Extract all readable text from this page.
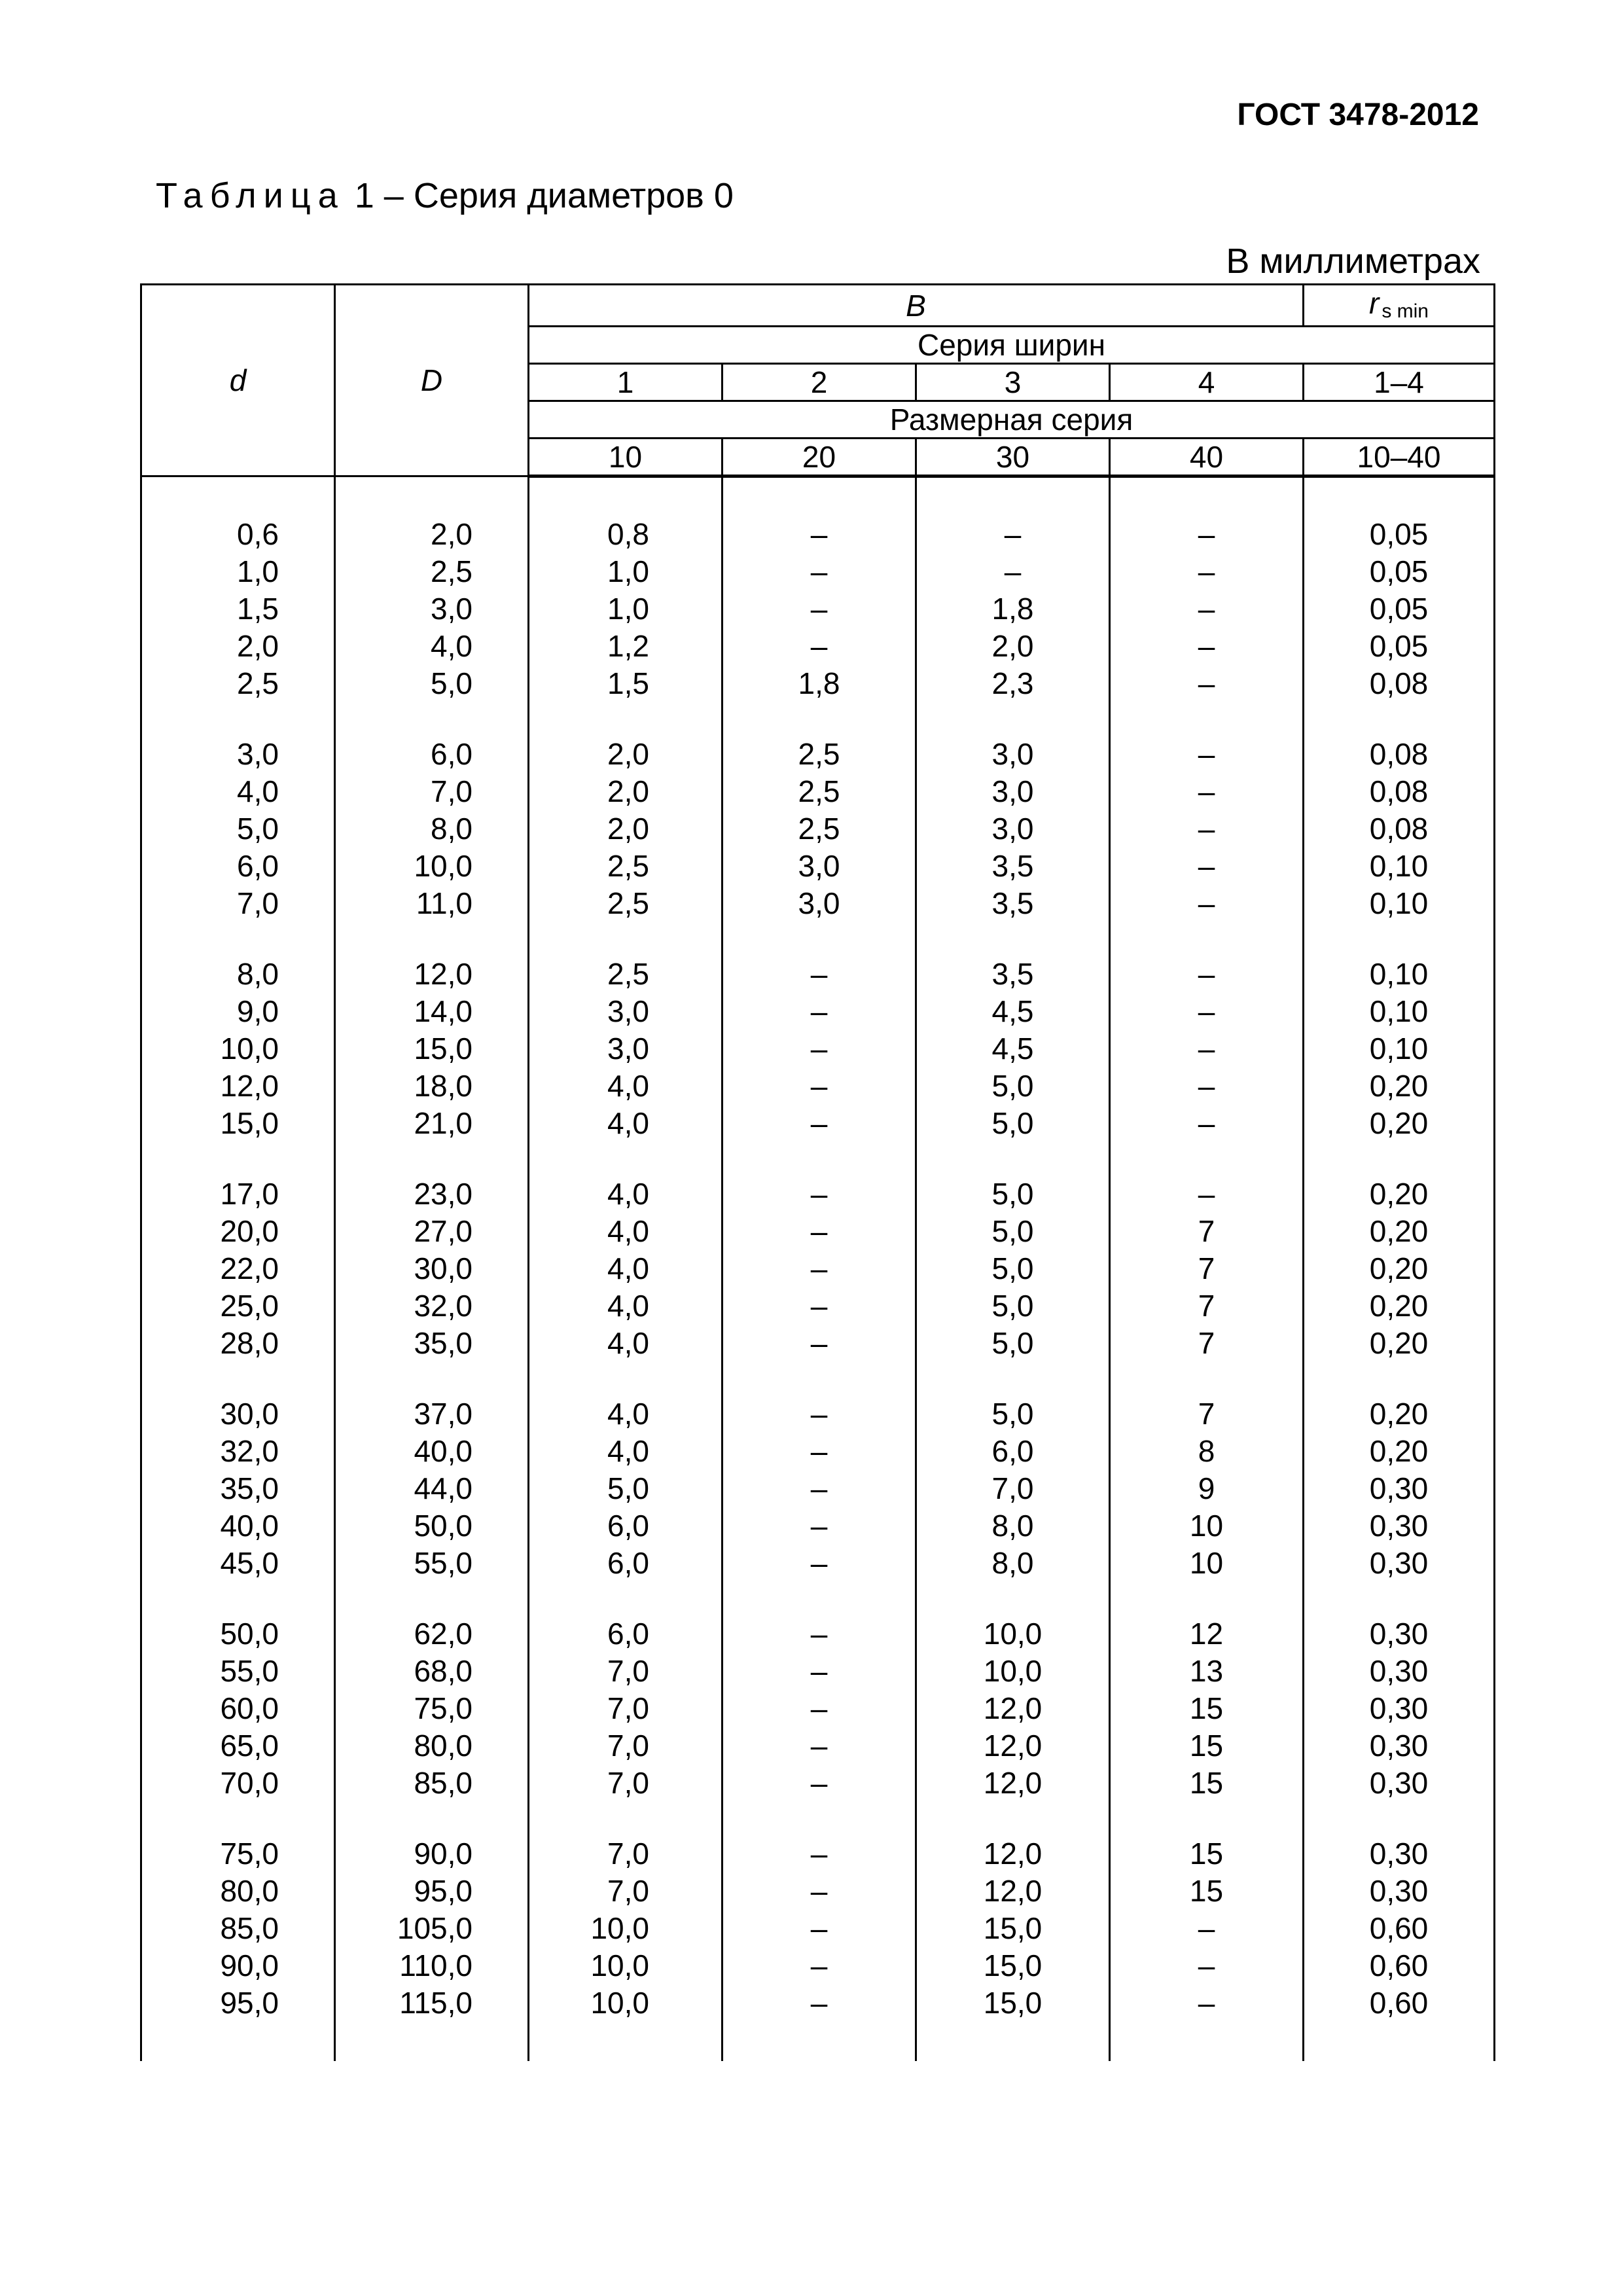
ГОСТ 3478-2012
Таблица 1 – Серия диаметров 0
В миллиметрах
d	D	B				r $_{s min}$
		Серия ширин				
		1	2	3	4	1–4
		Размерная серия				
		10	20	30	40	10–40

0,6	2,0	0,8	–	–	–	0,05
1,0	2,5	1,0	–	–	–	0,05
1,5	3,0	1,0	–	1,8	–	0,05
2,0	4,0	1,2	–	2,0	–	0,05
2,5	5,0	1,5	1,8	2,3	–	0,08
3,0	6,0	2,0	2,5	3,0	–	0,08
4,0	7,0	2,0	2,5	3,0	–	0,08
5,0	8,0	2,0	2,5	3,0	–	0,08
6,0	10,0	2,5	3,0	3,5	–	0,10
7,0	11,0	2,5	3,0	3,5	–	0,10
8,0	12,0	2,5	–	3,5	–	0,10
9,0	14,0	3,0	–	4,5	–	0,10
10,0	15,0	3,0	–	4,5	–	0,10
12,0	18,0	4,0	–	5,0	–	0,20
15,0	21,0	4,0	–	5,0	–	0,20
17,0	23,0	4,0	–	5,0	–	0,20
20,0	27,0	4,0	–	5,0	7	0,20
22,0	30,0	4,0	–	5,0	7	0,20
25,0	32,0	4,0	–	5,0	7	0,20
28,0	35,0	4,0	–	5,0	7	0,20
30,0	37,0	4,0	–	5,0	7	0,20
32,0	40,0	4,0	–	6,0	8	0,20
35,0	44,0	5,0	–	7,0	9	0,30
40,0	50,0	6,0	–	8,0	10	0,30
45,0	55,0	6,0	–	8,0	10	0,30
50,0	62,0	6,0	–	10,0	12	0,30
55,0	68,0	7,0	–	10,0	13	0,30
60,0	75,0	7,0	–	12,0	15	0,30
65,0	80,0	7,0	–	12,0	15	0,30
70,0	85,0	7,0	–	12,0	15	0,30
75,0	90,0	7,0	–	12,0	15	0,30
80,0	95,0	7,0	–	12,0	15	0,30
85,0	105,0	10,0	–	15,0	–	0,60
90,0	110,0	10,0	–	15,0	–	0,60
95,0	115,0	10,0	–	15,0	–	0,60
